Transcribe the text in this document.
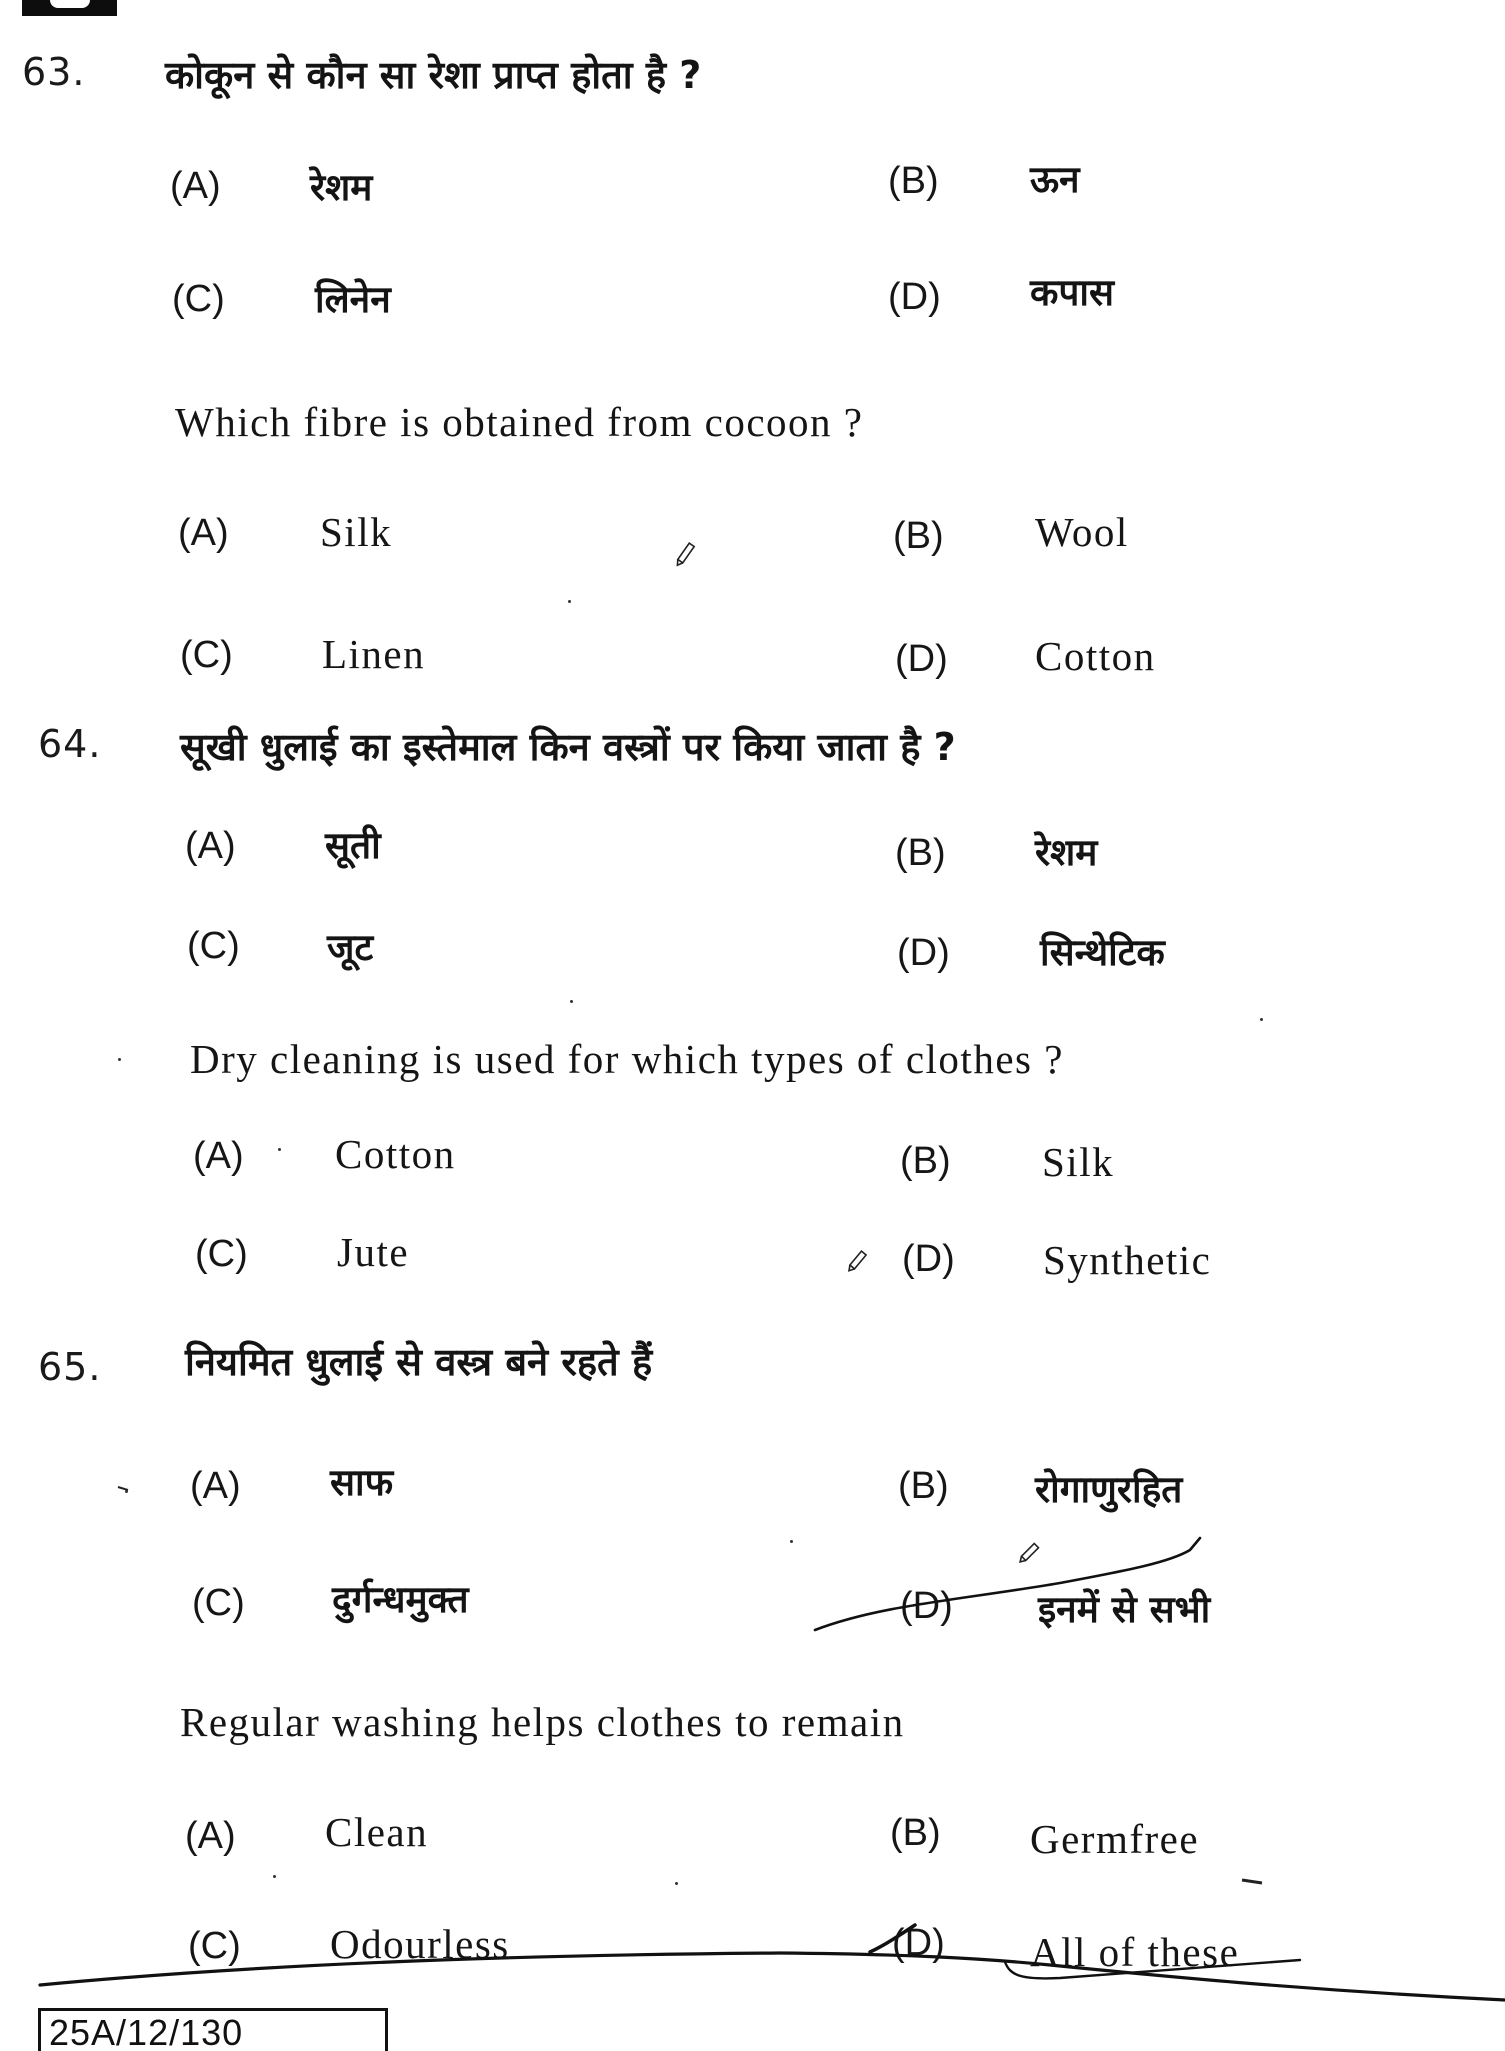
63. कोकून से कौन सा रेशा प्राप्त होता है ?
(A) रेशम	(B) ऊन
(C) लिनेन	(D) कपास
Which fibre is obtained from cocoon ?
(A) Silk	(B) Wool
(C) Linen	(D) Cotton
64. सूखी धुलाई का इस्तेमाल किन वस्त्रों पर किया जाता है ?
(A) सूती	(B) रेशम
(C) जूट	(D) सिन्थेटिक
Dry cleaning is used for which types of clothes ?
(A) Cotton	(B) Silk
(C) Jute	(D) Synthetic
65. नियमित धुलाई से वस्त्र बने रहते हैं
(A) साफ	(B) रोगाणुरहित
(C) दुर्गन्धमुक्त	(D) इनमें से सभी
Regular washing helps clothes to remain
(A) Clean	(B) Germfree
(C) Odourless	(D) All of these
25A/12/130
